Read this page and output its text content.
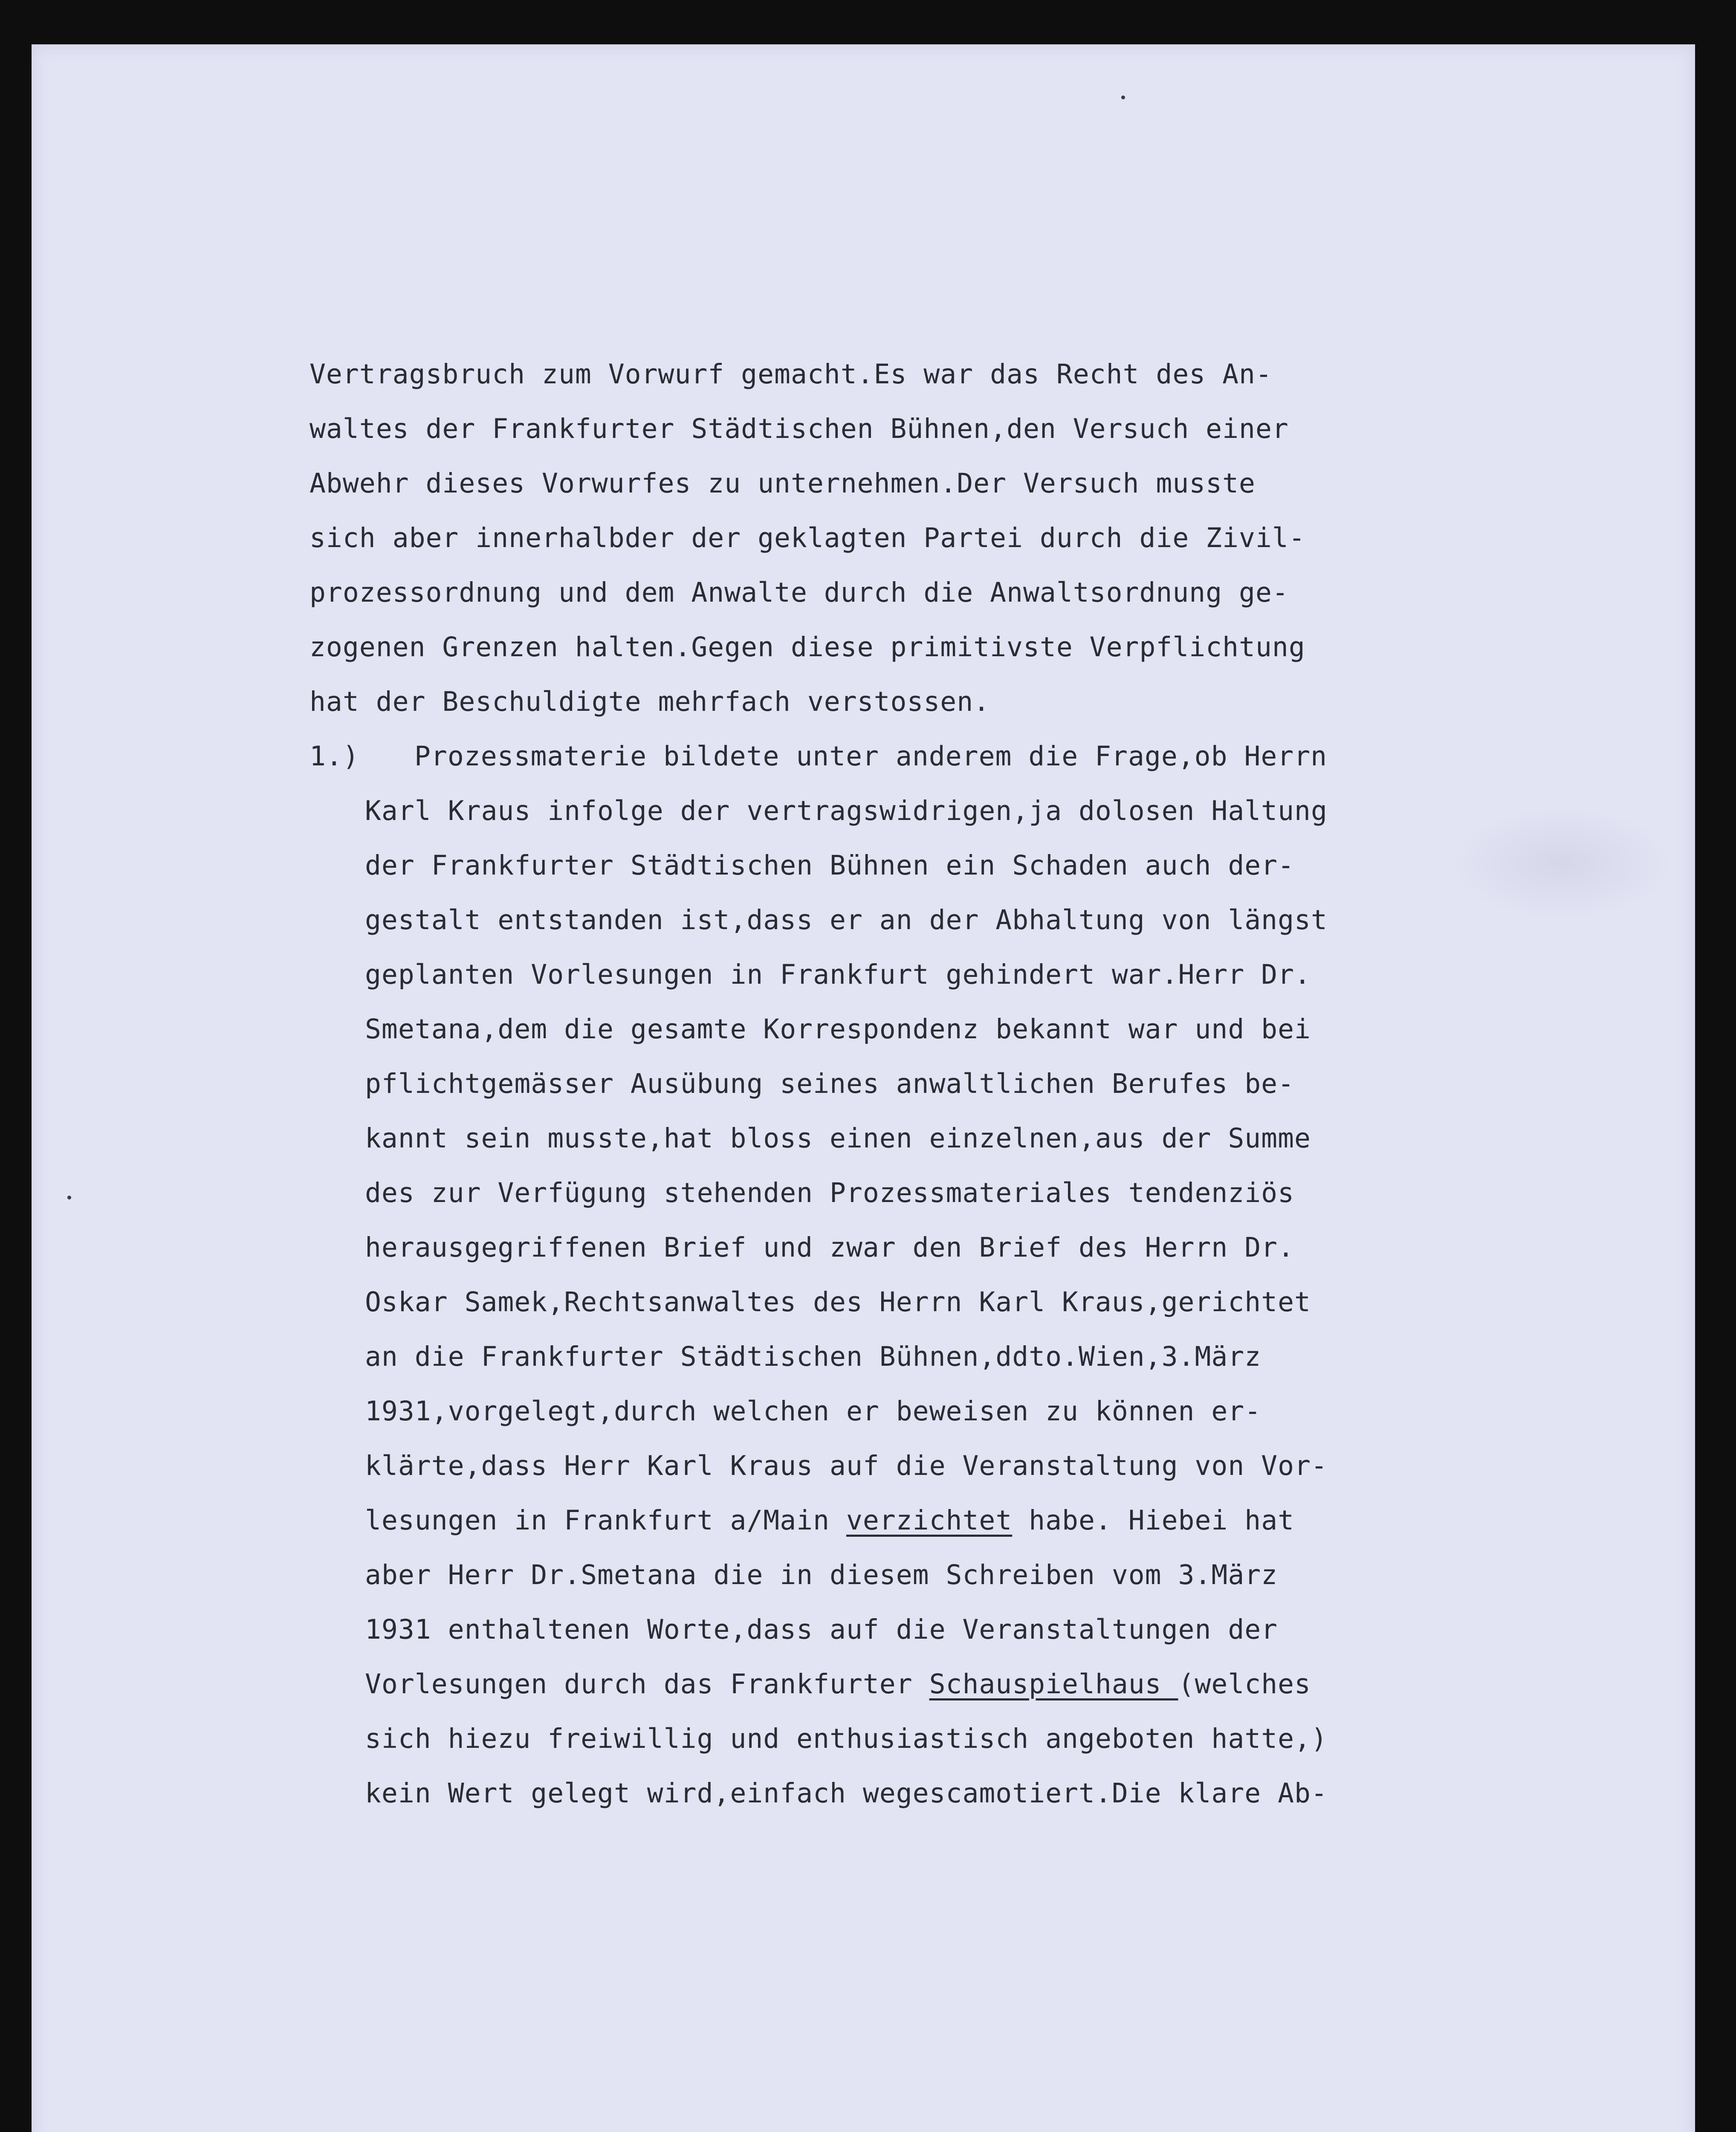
Vertragsbruch zum Vorwurf gemacht.Es war das Recht des An-
waltes der Frankfurter Städtischen Bühnen,den Versuch einer
Abwehr dieses Vorwurfes zu unternehmen.Der Versuch musste
sich aber innerhalbder der geklagten Partei durch die Zivil-
prozessordnung und dem Anwalte durch die Anwaltsordnung ge-
zogenen Grenzen halten.Gegen diese primitivste Verpflichtung
hat der Beschuldigte mehrfach verstossen.
1.) Prozessmaterie bildete unter anderem die Frage,ob Herrn
Karl Kraus infolge der vertragswidrigen,ja dolosen Haltung
der Frankfurter Städtischen Bühnen ein Schaden auch der-
gestalt entstanden ist,dass er an der Abhaltung von längst
geplanten Vorlesungen in Frankfurt gehindert war.Herr Dr.
Smetana,dem die gesamte Korrespondenz bekannt war und bei
pflichtgemässer Ausübung seines anwaltlichen Berufes be-
kannt sein musste,hat bloss einen einzelnen,aus der Summe
des zur Verfügung stehenden Prozessmateriales tendenziös
herausgegriffenen Brief und zwar den Brief des Herrn Dr.
Oskar Samek,Rechtsanwaltes des Herrn Karl Kraus,gerichtet
an die Frankfurter Städtischen Bühnen,ddto.Wien,3.März
1931,vorgelegt,durch welchen er beweisen zu können er-
klärte,dass Herr Karl Kraus auf die Veranstaltung von Vor-
lesungen in Frankfurt a/Main verzichtet habe. Hiebei hat
aber Herr Dr.Smetana die in diesem Schreiben vom 3.März
1931 enthaltenen Worte,dass auf die Veranstaltungen der
Vorlesungen durch das Frankfurter Schauspielhaus (welches
sich hiezu freiwillig und enthusiastisch angeboten hatte,)
kein Wert gelegt wird,einfach wegescamotiert.Die klare Ab-
